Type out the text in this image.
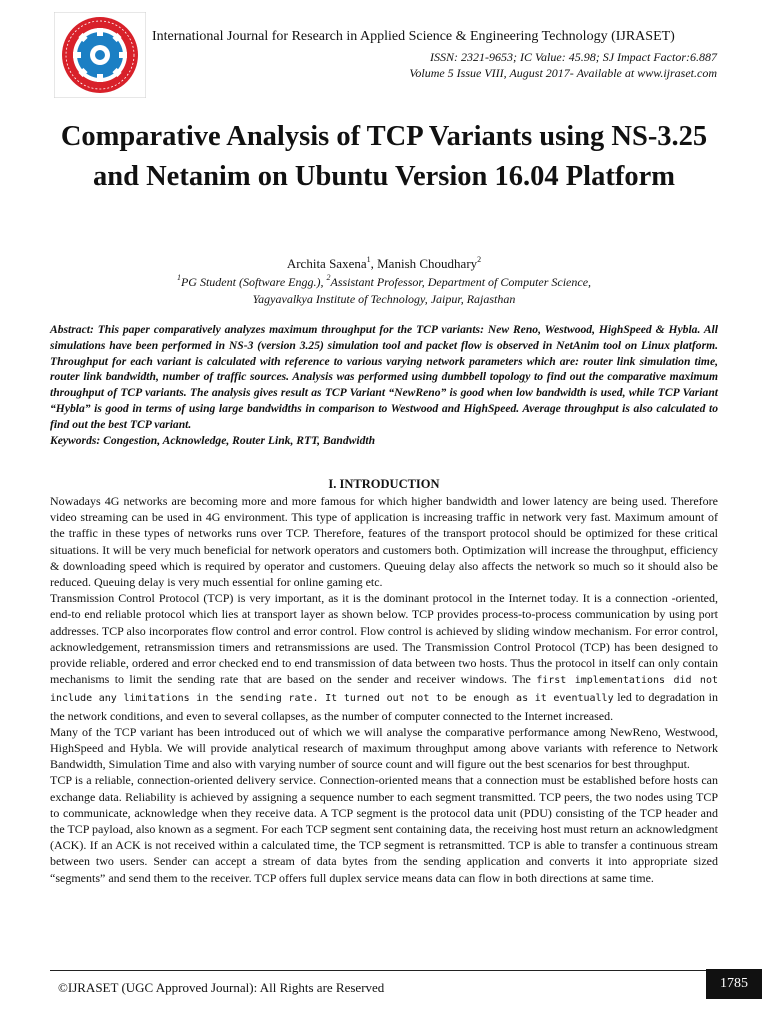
International Journal for Research in Applied Science & Engineering Technology (IJRASET)
ISSN: 2321-9653; IC Value: 45.98; SJ Impact Factor:6.887
Volume 5 Issue VIII, August 2017- Available at www.ijraset.com
Comparative Analysis of TCP Variants using NS-3.25 and Netanim on Ubuntu Version 16.04 Platform
Archita Saxena$^1$, Manish Choudhary$^2$
$^1$PG Student (Software Engg.), $^2$Assistant Professor, Department of Computer Science,
Yagyavalkya Institute of Technology, Jaipur, Rajasthan
Abstract: This paper comparatively analyzes maximum throughput for the TCP variants: New Reno, Westwood, HighSpeed & Hybla. All simulations have been performed in NS-3 (version 3.25) simulation tool and packet flow is observed in NetAnim tool on Linux platform. Throughput for each variant is calculated with reference to various varying network parameters which are: router link simulation time, router link bandwidth, number of traffic sources. Analysis was performed using dumbbell topology to find out the comparative maximum throughput of TCP variants. The analysis gives result as TCP Variant “NewReno” is good when low bandwidth is used, while TCP Variant “Hybla” is good in terms of using large bandwidths in comparison to Westwood and HighSpeed. Average throughput is also calculated to find out the best TCP variant.
Keywords: Congestion, Acknowledge, Router Link, RTT, Bandwidth
I. INTRODUCTION

Nowadays 4G networks are becoming more and more famous for which higher bandwidth and lower latency are being used. Therefore video streaming can be used in 4G environment. This type of application is increasing traffic in network very fast. Maximum amount of the traffic in these types of networks runs over TCP. Therefore, features of the transport protocol should be optimized for these critical situations. It will be very much beneficial for network operators and customers both. Optimization will increase the throughput, efficiency & downloading speed which is required by operator and customers. Queuing delay also affects the network so much so it should also be reduced. Queuing delay is very much essential for online gaming etc.

Transmission Control Protocol (TCP) is very important, as it is the dominant protocol in the Internet today. It is a connection -oriented, end-to end reliable protocol which lies at transport layer as shown below. TCP provides process-to-process communication by using port addresses. TCP also incorporates flow control and error control. Flow control is achieved by sliding window mechanism. For error control, acknowledgement, retransmission timers and retransmissions are used. The Transmission Control Protocol (TCP) has been designed to provide reliable, ordered and error checked end to end transmission of data between two hosts. Thus the protocol in itself can only contain mechanisms to limit the sending rate that are based on the sender and receiver windows. The first implementations did not include any limitations in the sending rate. It turned out not to be enough as it eventually led to degradation in the network conditions, and even to several collapses, as the number of computer connected to the Internet increased.

Many of the TCP variant has been introduced out of which we will analyse the comparative performance among NewReno, Westwood, HighSpeed and Hybla. We will provide analytical research of maximum throughput among above variants with reference to Network Bandwidth, Simulation Time and also with varying number of source count and will figure out the best scenarios for best throughput.

TCP is a reliable, connection-oriented delivery service. Connection-oriented means that a connection must be established before hosts can exchange data. Reliability is achieved by assigning a sequence number to each segment transmitted. TCP peers, the two nodes using TCP to communicate, acknowledge when they receive data. A TCP segment is the protocol data unit (PDU) consisting of the TCP header and the TCP payload, also known as a segment. For each TCP segment sent containing data, the receiving host must return an acknowledgment (ACK). If an ACK is not received within a calculated time, the TCP segment is retransmitted. TCP is able to transfer a continuous stream between two users. Sender can accept a stream of data bytes from the sending application and converts it into appropriate sized “segments” and send them to the receiver. TCP offers full duplex service means data can flow in both directions at same time.

©IJRASET (UGC Approved Journal): All Rights are Reserved	1785
